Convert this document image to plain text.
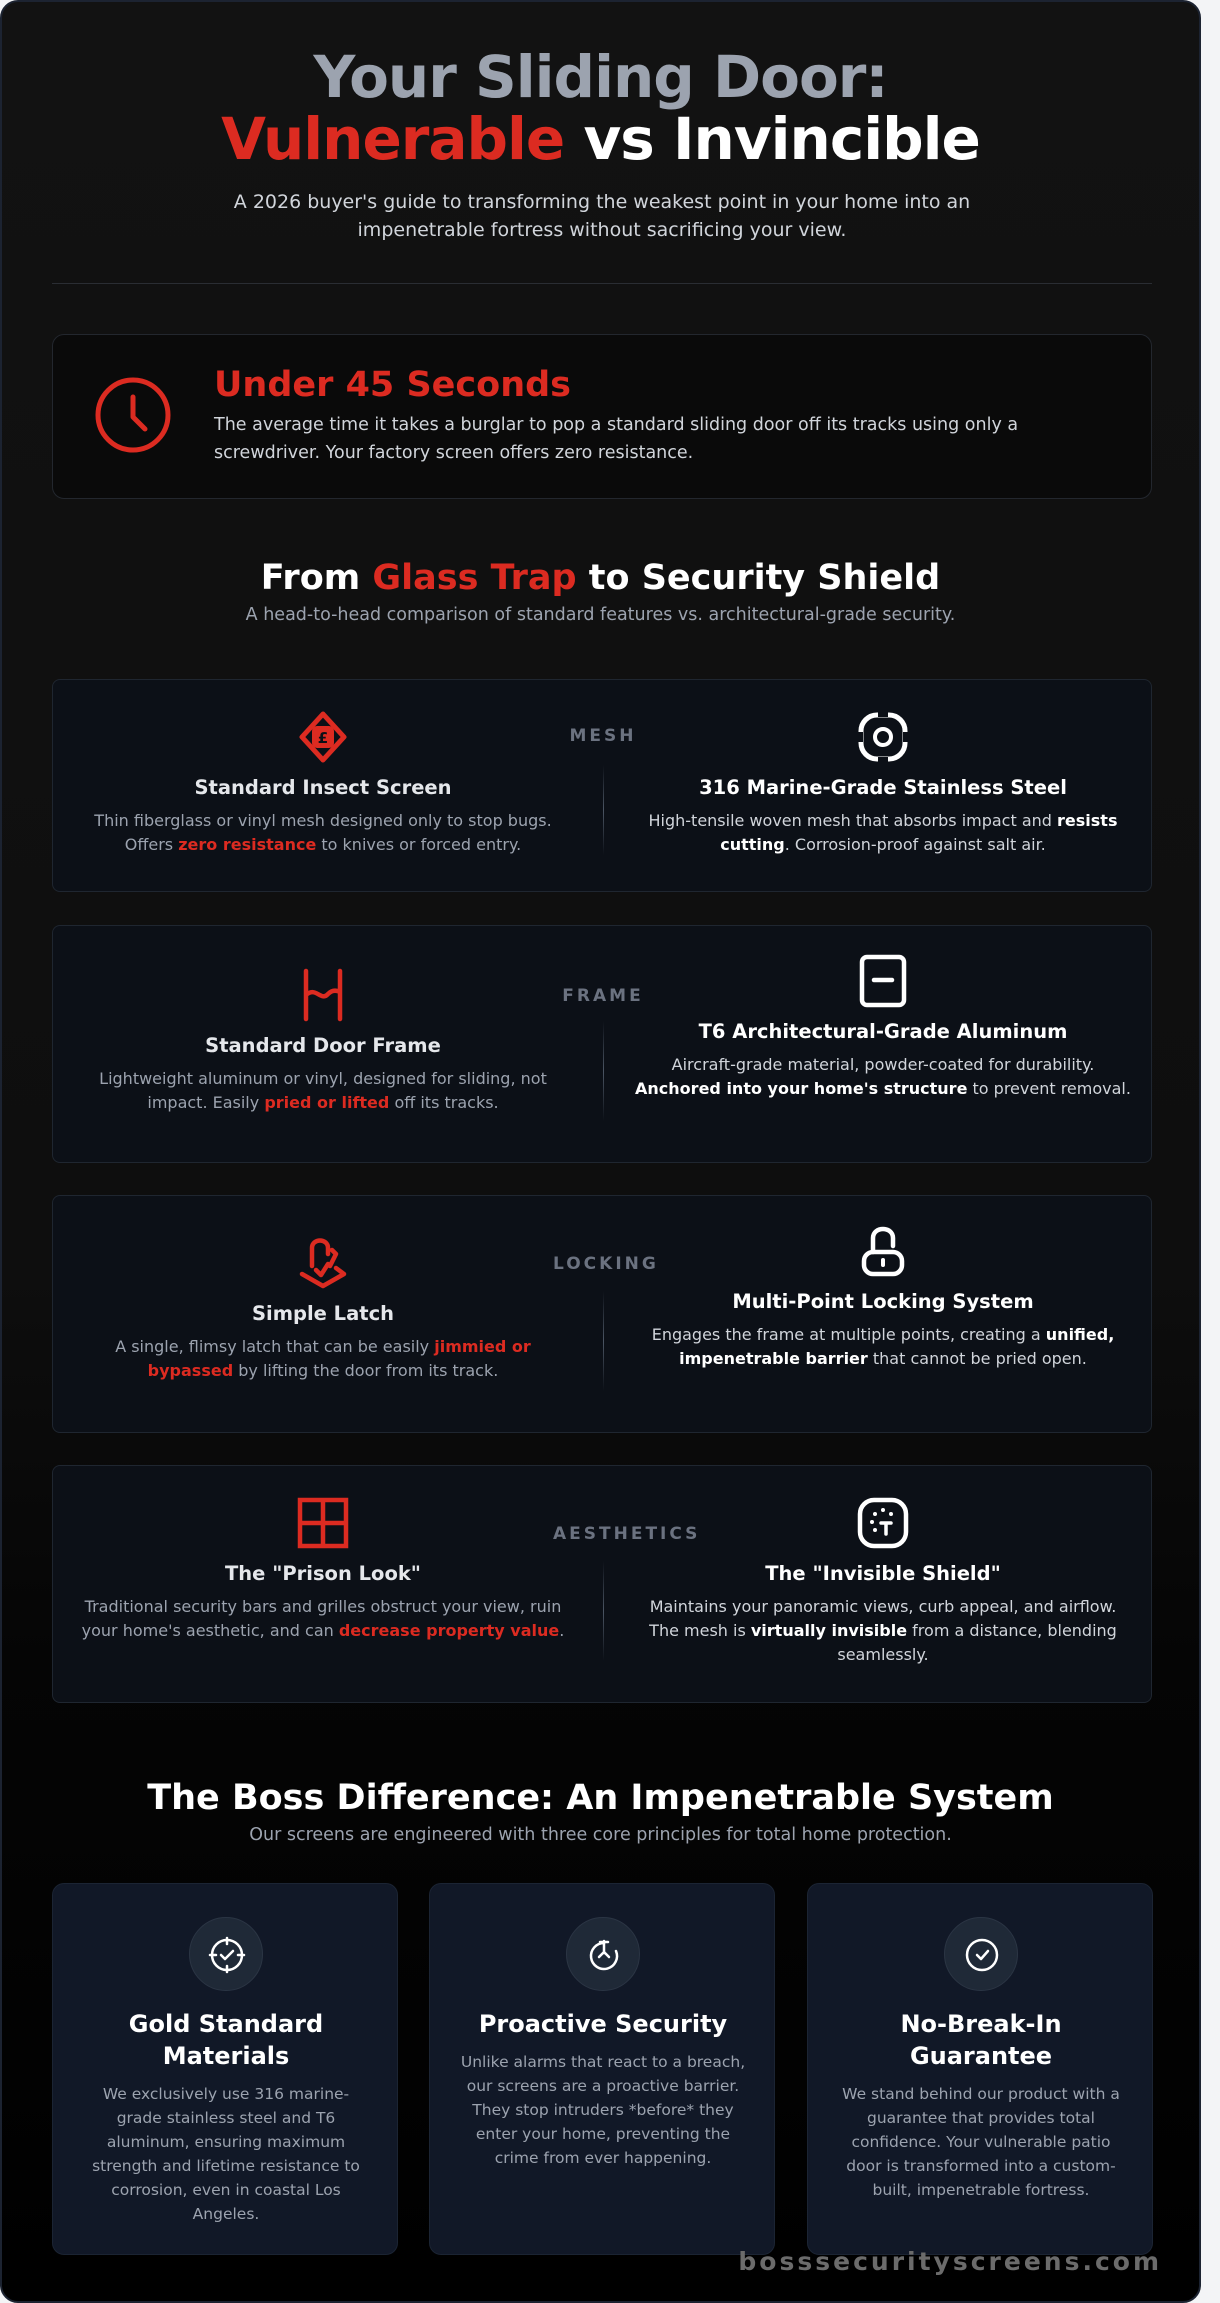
Your Sliding Door:
Vulnerable vs Invincible

A 2026 buyer's guide to transforming the weakest point in your home into an impenetrable fortress without sacrificing your view.

Under 45 Seconds
The average time it takes a burglar to pop a standard sliding door off its tracks using only a screwdriver. Your factory screen offers zero resistance.
From Glass Trap to Security Shield

A head-to-head comparison of standard features vs. architectural-grade security.

£
Standard Insect Screen

Thin fiberglass or vinyl mesh designed only to stop bugs. Offers zero resistance to knives or forced entry.

MESH
316 Marine-Grade Stainless Steel

High-tensile woven mesh that absorbs impact and resists cutting. Corrosion-proof against salt air.

Standard Door Frame

Lightweight aluminum or vinyl, designed for sliding, not impact. Easily pried or lifted off its tracks.

FRAME
T6 Architectural-Grade Aluminum

Aircraft-grade material, powder-coated for durability. Anchored into your home's structure to prevent removal.

Simple Latch

A single, flimsy latch that can be easily jimmied or bypassed by lifting the door from its track.

LOCKING
Multi-Point Locking System

Engages the frame at multiple points, creating a unified, impenetrable barrier that cannot be pried open.

The "Prison Look"

Traditional security bars and grilles obstruct your view, ruin your home's aesthetic, and can decrease property value.

AESTHETICS
The "Invisible Shield"

Maintains your panoramic views, curb appeal, and airflow. The mesh is virtually invisible from a distance, blending seamlessly.

The Boss Difference: An Impenetrable System

Our screens are engineered with three core principles for total home protection.

Gold Standard Materials

We exclusively use 316 marine-grade stainless steel and T6 aluminum, ensuring maximum strength and lifetime resistance to corrosion, even in coastal Los Angeles.

Proactive Security

Unlike alarms that react to a breach, our screens are a proactive barrier. They stop intruders *before* they enter your home, preventing the crime from ever happening.

No-Break-In Guarantee

We stand behind our product with a guarantee that provides total confidence. Your vulnerable patio door is transformed into a custom-built, impenetrable fortress.

bosssecurityscreens.com
